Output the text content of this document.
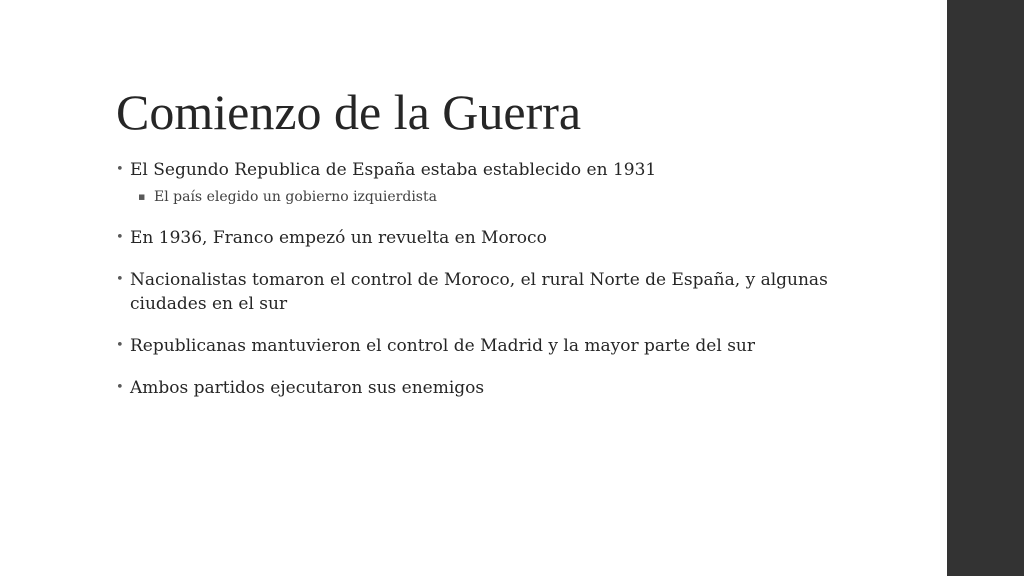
Comienzo de la Guerra
• El Segundo Republica de España estaba establecido en 1931
▪ El país elegido un gobierno izquierdista
• En 1936, Franco empezó un revuelta en Moroco
• Nacionalistas tomaron el control de Moroco, el rural Norte de España, y algunas ciudades en el sur
• Republicanas mantuvieron el control de Madrid y la mayor parte del sur
• Ambos partidos ejecutaron sus enemigos
